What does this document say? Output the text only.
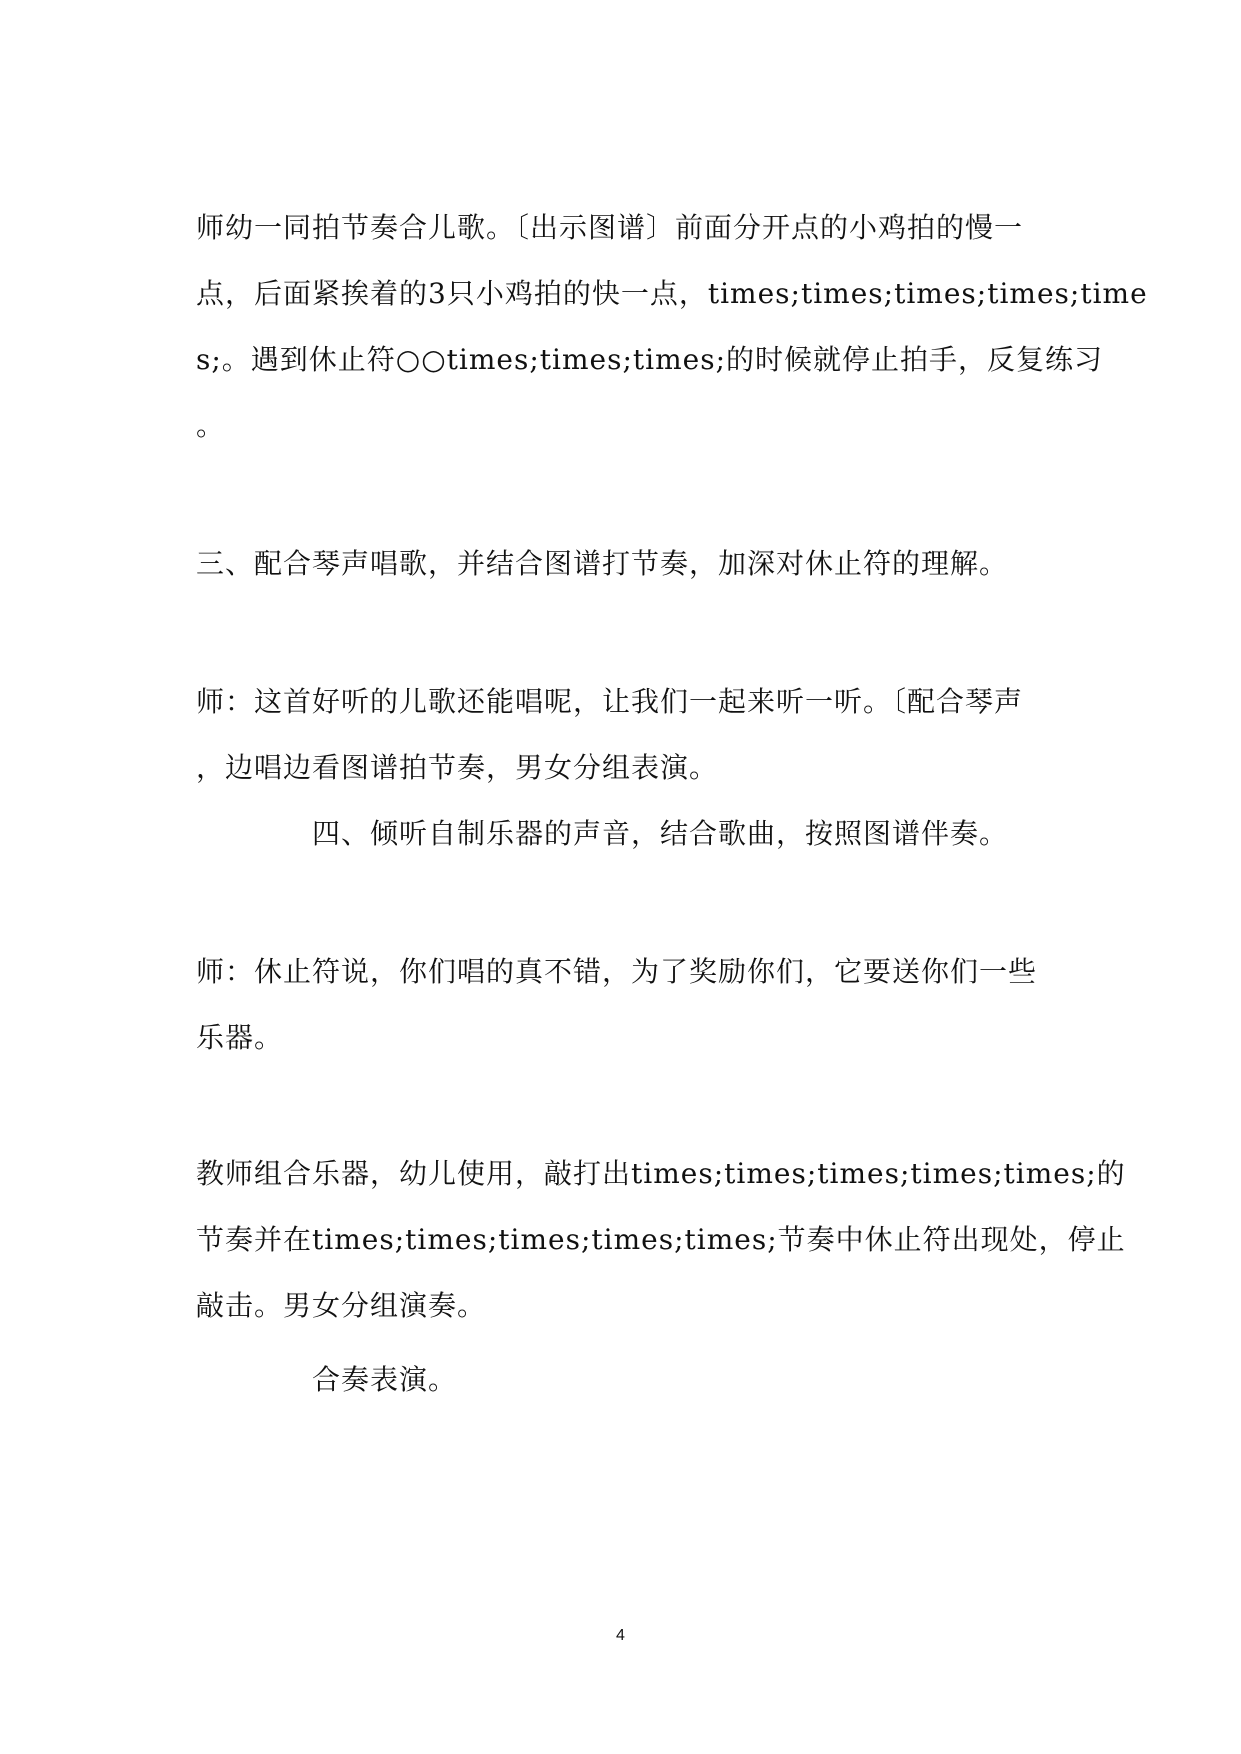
师幼一同拍节奏合儿歌。〔出示图谱〕前面分开点的小鸡拍的慢一
点，后面紧挨着的3只小鸡拍的快一点，times;times;times;times;time
s;。遇到休止符○○times;times;times;的时候就停止拍手，反复练习
。
三、配合琴声唱歌，并结合图谱打节奏，加深对休止符的理解。
师：这首好听的儿歌还能唱呢，让我们一起来听一听。〔配合琴声
，边唱边看图谱拍节奏，男女分组表演。
四、倾听自制乐器的声音，结合歌曲，按照图谱伴奏。
师：休止符说，你们唱的真不错，为了奖励你们，它要送你们一些
乐器。
教师组合乐器，幼儿使用，敲打出times;times;times;times;times;的
节奏并在times;times;times;times;times;节奏中休止符出现处，停止
敲击。男女分组演奏。
合奏表演。
4
